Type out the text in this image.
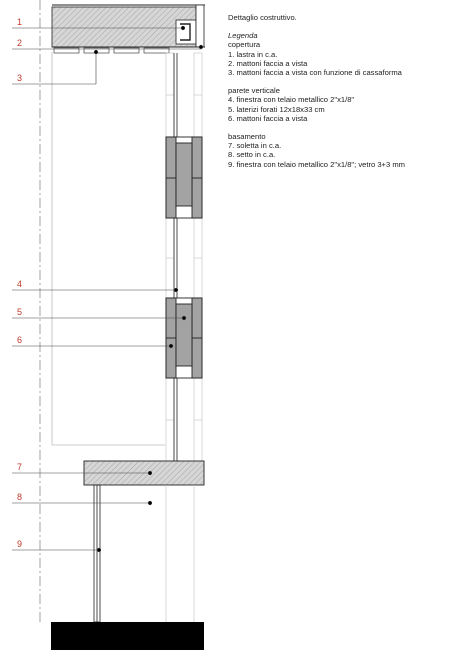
1
2
3
4
5
6
7
8
9
Dettaglio costruttivo.
Legenda
copertura
1. lastra in c.a.
2. mattoni faccia a vista
3. mattoni faccia a vista con funzione di cassaforma
parete verticale
4. finestra con telaio metallico 2"x1/8"
5. laterizi forati 12x18x33 cm
6. mattoni faccia a vista
basamento
7. soletta in c.a.
8. setto in c.a.
9. finestra con telaio metallico 2"x1/8"; vetro 3+3 mm
